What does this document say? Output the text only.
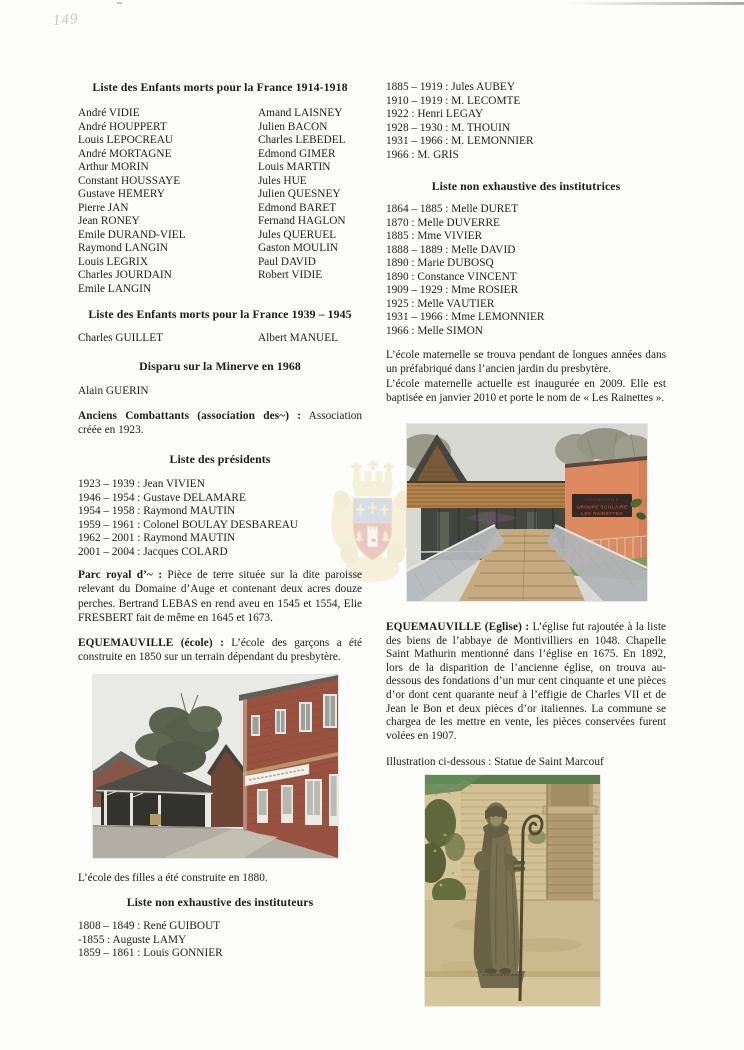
149
Liste des Enfants morts pour la France 1914-1918
André VIDIE
André HOUPPERT
Louis LEPOCREAU
André MORTAGNE
Arthur MORIN
Constant HOUSSAYE
Gustave HEMERY
Pierre JAN
Jean RONEY
Emile DURAND-VIEL
Raymond LANGIN
Louis LEGRIX
Charles JOURDAIN
Emile LANGIN
Amand LAISNEY
Julien BACON
Charles LEBEDEL
Edmond GIMER
Louis MARTIN
Jules HUE
Julien QUESNEY
Edmond BARET
Fernand HAGLON
Jules QUERUEL
Gaston MOULIN
Paul DAVID
Robert VIDIE
Liste des Enfants morts pour la France 1939 – 1945
Charles GUILLET	Albert MANUEL
Disparu sur la Minerve en 1968
Alain GUERIN
Anciens Combattants (association des~) : Association créée en 1923.
Liste des présidents
1923 – 1939 : Jean VIVIEN
1946 – 1954 : Gustave DELAMARE
1954 – 1958 : Raymond MAUTIN
1959 – 1961 : Colonel BOULAY DESBAREAU
1962 – 2001 : Raymond MAUTIN
2001 – 2004 : Jacques COLARD
Parc royal d’~ : Pièce de terre située sur la dite paroisse relevant du Domaine d’Auge et contenant deux acres douze perches. Bertrand LEBAS en rend aveu en 1545 et 1554, Elie FRESBERT fait de même en 1645 et 1673.
EQUEMAUVILLE (école) : L’école des garçons a été construite en 1850 sur un terrain dépendant du presbytère.
L’école des filles a été construite en 1880.
Liste non exhaustive des instituteurs
1808 – 1849 : René GUIBOUT
-1855 : Auguste LAMY
1859 – 1861 : Louis GONNIER
1885 – 1919 : Jules AUBEY
1910 – 1919 : M. LECOMTE
1922 : Henri LEGAY
1928 – 1930 : M. THOUIN
1931 – 1966 : M. LEMONNIER
1966 : M. GRIS
Liste non exhaustive des institutrices
1864 – 1885 : Melle DURET
1870 : Melle DUVERRE
1885 : Mme VIVIER
1888 – 1889 : Melle DAVID
1890 : Marie DUBOSQ
1890 : Constance VINCENT
1909 – 1929 : Mme ROSIER
1925 : Melle VAUTIER
1931 – 1966 : Mme LEMONNIER
1966 : Melle SIMON
L’école maternelle se trouva pendant de longues années dans un préfabriqué dans l’ancien jardin du presbytère.
L’école maternelle actuelle est inaugurée en 2009. Elle est baptisée en janvier 2010 et porte le nom de « Les Rainettes ».
EQUEMAUVILLE
GROUPE SCOLAIRE
LES RAINETTES
EQUEMAUVILLE (Eglise) : L’église fut rajoutée à la liste des biens de l’abbaye de Montivilliers en 1048. Chapelle Saint Mathurin mentionné dans l’église en 1675. En 1892, lors de la disparition de l’ancienne église, on trouva au-dessous des fondations d’un mur cent cinquante et une pièces d’or dont cent quarante neuf à l’effigie de Charles VII et de Jean le Bon et deux pièces d’or italiennes. La commune se chargea de les mettre en vente, les pièces conservées furent volées en 1907.
Illustration ci-dessous : Statue de Saint Marcouf
